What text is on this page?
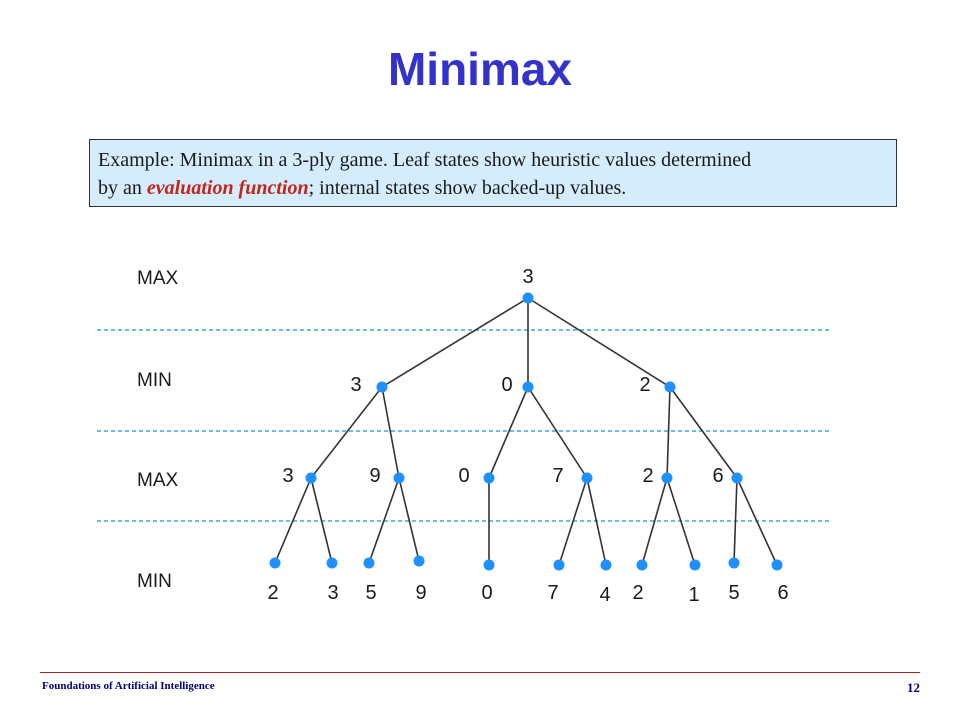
Minimax
Example: Minimax in a 3-ply game. Leaf states show heuristic values determined
by an evaluation function; internal states show backed-up values.
MAX
MIN
MAX
MIN
3
3	0	2
3	9	0	7	2	6
2 3 5 9	0	7 4 2 1 5 6
Foundations of Artificial Intelligence	12
